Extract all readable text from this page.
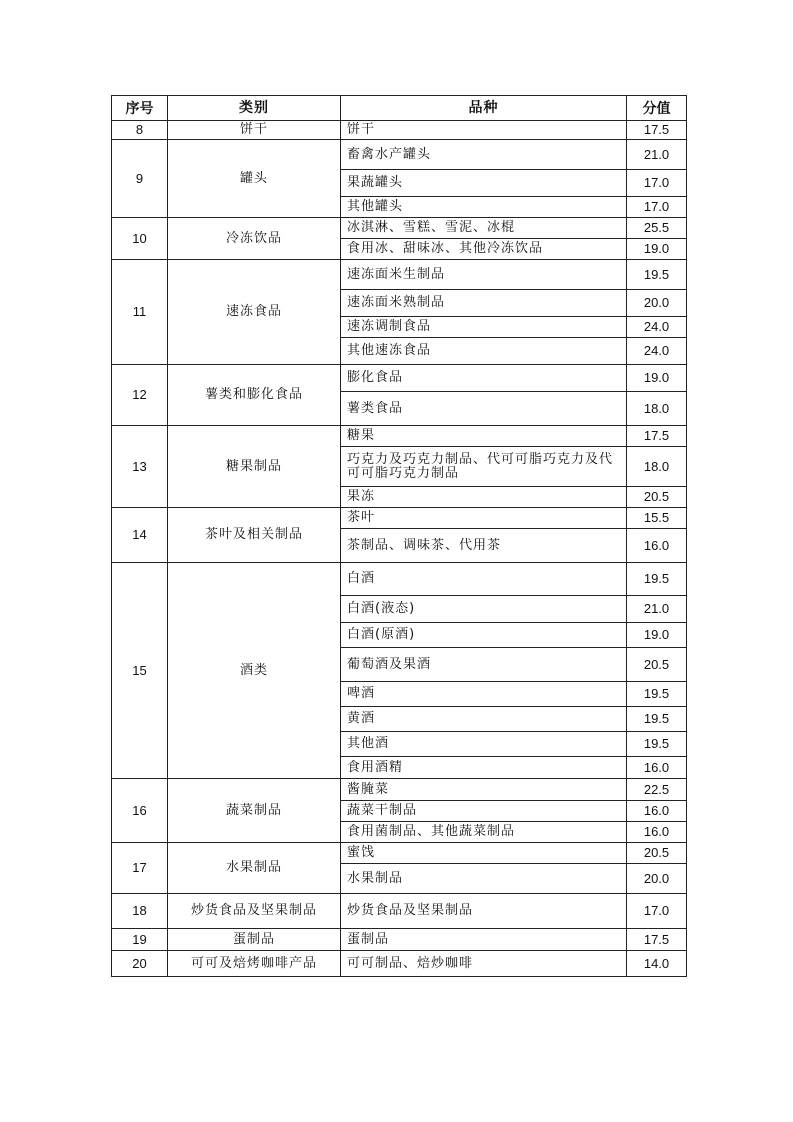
序号	类别	品种	分值
8	饼干	饼干	17.5
9	罐头	畜禽水产罐头	21.0
		果蔬罐头	17.0
		其他罐头	17.0
10	冷冻饮品	冰淇淋、雪糕、雪泥、冰棍	25.5
		食用冰、甜味冰、其他冷冻饮品	19.0
11	速冻食品	速冻面米生制品	19.5
		速冻面米熟制品	20.0
		速冻调制食品	24.0
		其他速冻食品	24.0
12	薯类和膨化食品	膨化食品	19.0
		薯类食品	18.0
13	糖果制品	糖果	17.5
		巧克力及巧克力制品、代可可脂巧克力及代可可脂巧克力制品	18.0
		果冻	20.5
14	茶叶及相关制品	茶叶	15.5
		茶制品、调味茶、代用茶	16.0
15	酒类	白酒	19.5
		白酒(液态)	21.0
		白酒(原酒)	19.0
		葡萄酒及果酒	20.5
		啤酒	19.5
		黄酒	19.5
		其他酒	19.5
		食用酒精	16.0
16	蔬菜制品	酱腌菜	22.5
		蔬菜干制品	16.0
		食用菌制品、其他蔬菜制品	16.0
17	水果制品	蜜饯	20.5
		水果制品	20.0
18	炒货食品及坚果制品	炒货食品及坚果制品	17.0
19	蛋制品	蛋制品	17.5
20	可可及焙烤咖啡产品	可可制品、焙炒咖啡	14.0
